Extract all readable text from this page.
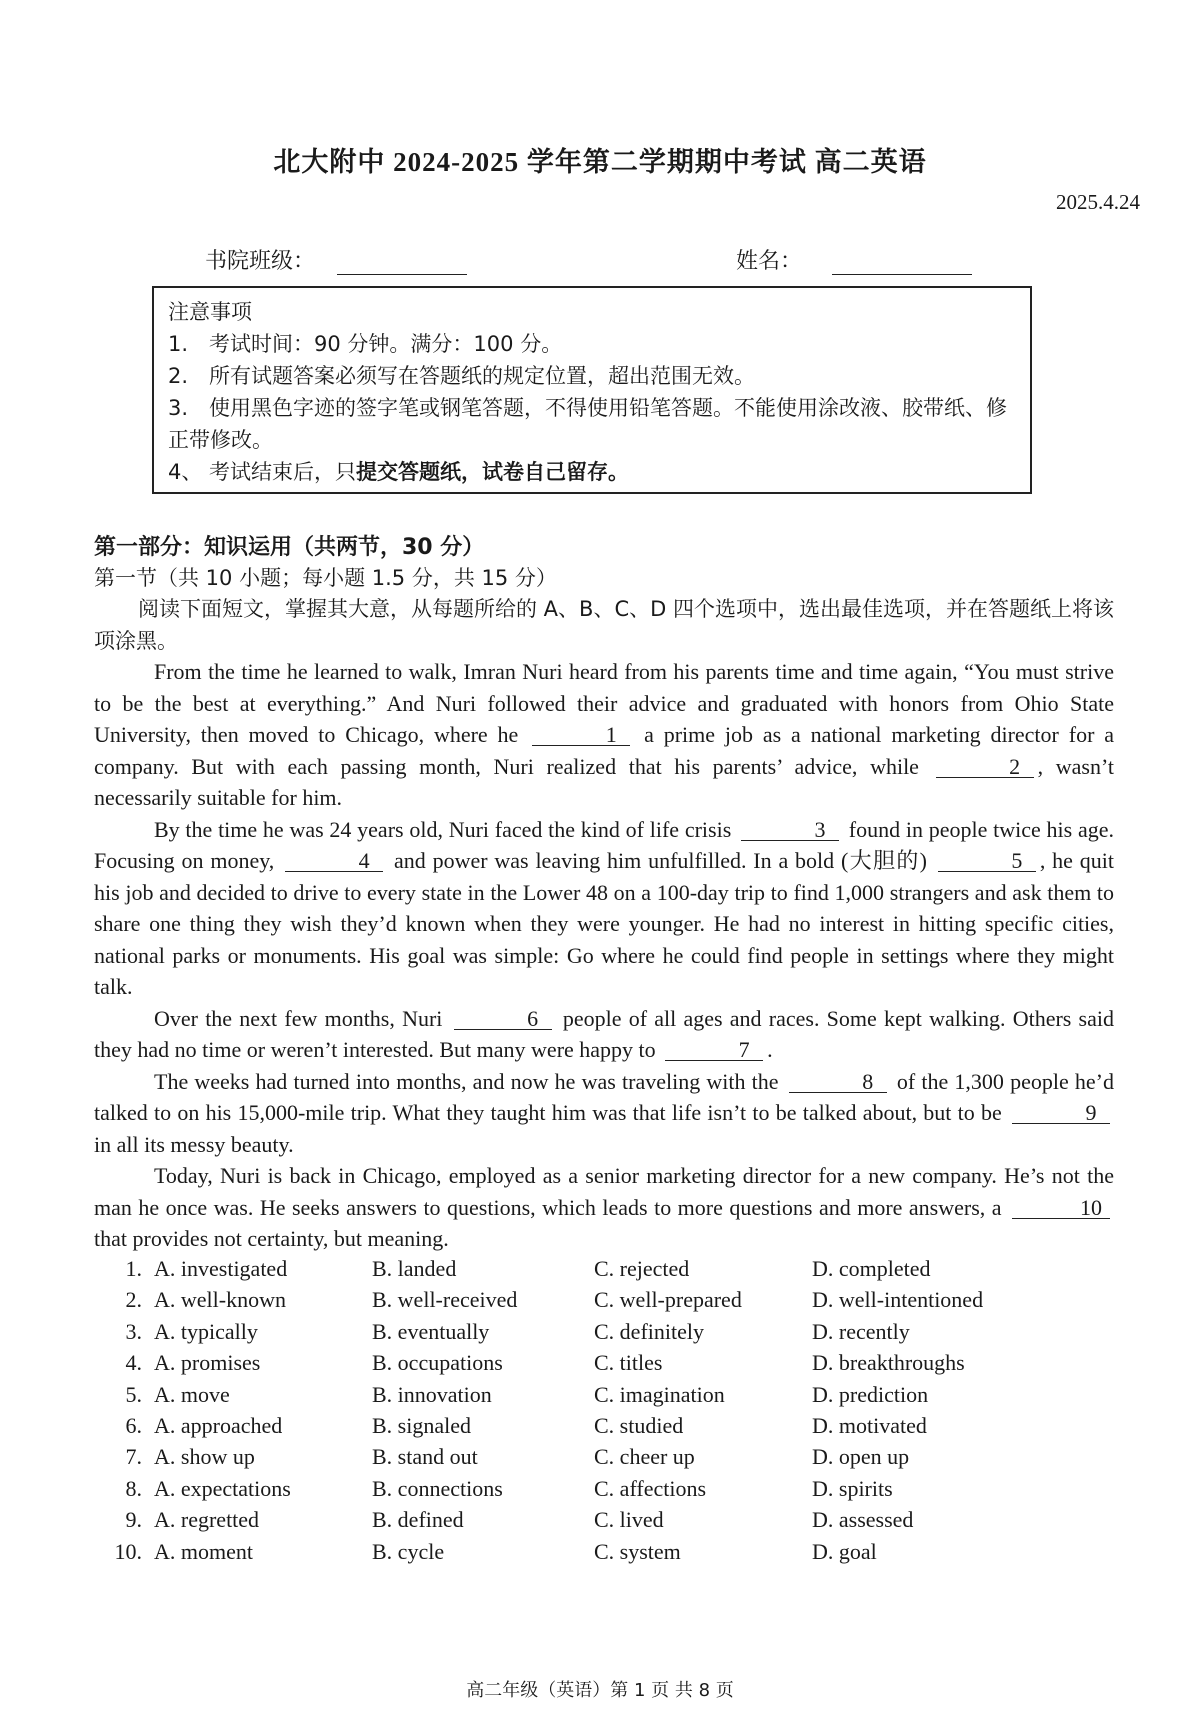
北大附中 2024-2025 学年第二学期期中考试 高二英语
2025.4.24
书院班级：	姓名：
注意事项
1.　考试时间：90 分钟。满分：100 分。
2.　所有试题答案必须写在答题纸的规定位置，超出范围无效。
3.　使用黑色字迹的签字笔或钢笔答题，不得使用铅笔答题。不能使用涂改液、胶带纸、修正带修改。
4、 考试结束后，只提交答题纸，试卷自己留存。
第一部分：知识运用（共两节，30 分）
第一节（共 10 小题；每小题 1.5 分，共 15 分）
阅读下面短文，掌握其大意，从每题所给的 A、B、C、D 四个选项中，选出最佳选项，并在答题纸上将该项涂黑。

From the time he learned to walk, Imran Nuri heard from his parents time and time again, “You must strive to be the best at everything.” And Nuri followed their advice and graduated with honors from Ohio State University, then moved to Chicago, where he	1 a prime job as a national marketing director for a company. But with each passing month, Nuri realized that his parents’ advice, while	2 , wasn’t necessarily suitable for him.

By the time he was 24 years old, Nuri faced the kind of life crisis	3 found in people twice his age. Focusing on money,	4 and power was leaving him unfulfilled. In a bold (大胆的)	5 , he quit his job and decided to drive to every state in the Lower 48 on a 100-day trip to find 1,000 strangers and ask them to share one thing they wish they’d known when they were younger. He had no interest in hitting specific cities, national parks or monuments. His goal was simple: Go where he could find people in settings where they might talk.

Over the next few months, Nuri	6 people of all ages and races. Some kept walking. Others said they had no time or weren’t interested. But many were happy to	7 .

The weeks had turned into months, and now he was traveling with the	8 of the 1,300 people he’d talked to on his 15,000-mile trip. What they taught him was that life isn’t to be talked about, but to be	9 in all its messy beauty.

Today, Nuri is back in Chicago, employed as a senior marketing director for a new company. He’s not the man he once was. He seeks answers to questions, which leads to more questions and more answers, a	10 that provides not certainty, but meaning.

1. A. investigated	B. landed	C. rejected	D. completed
2. A. well-known	B. well-received	C. well-prepared	D. well-intentioned
3. A. typically	B. eventually	C. definitely	D. recently
4. A. promises	B. occupations	C. titles	D. breakthroughs
5. A. move	B. innovation	C. imagination	D. prediction
6. A. approached	B. signaled	C. studied	D. motivated
7. A. show up	B. stand out	C. cheer up	D. open up
8. A. expectations	B. connections	C. affections	D. spirits
9. A. regretted	B. defined	C. lived	D. assessed
10. A. moment	B. cycle	C. system	D. goal
高二年级（英语）第 1 页 共 8 页
